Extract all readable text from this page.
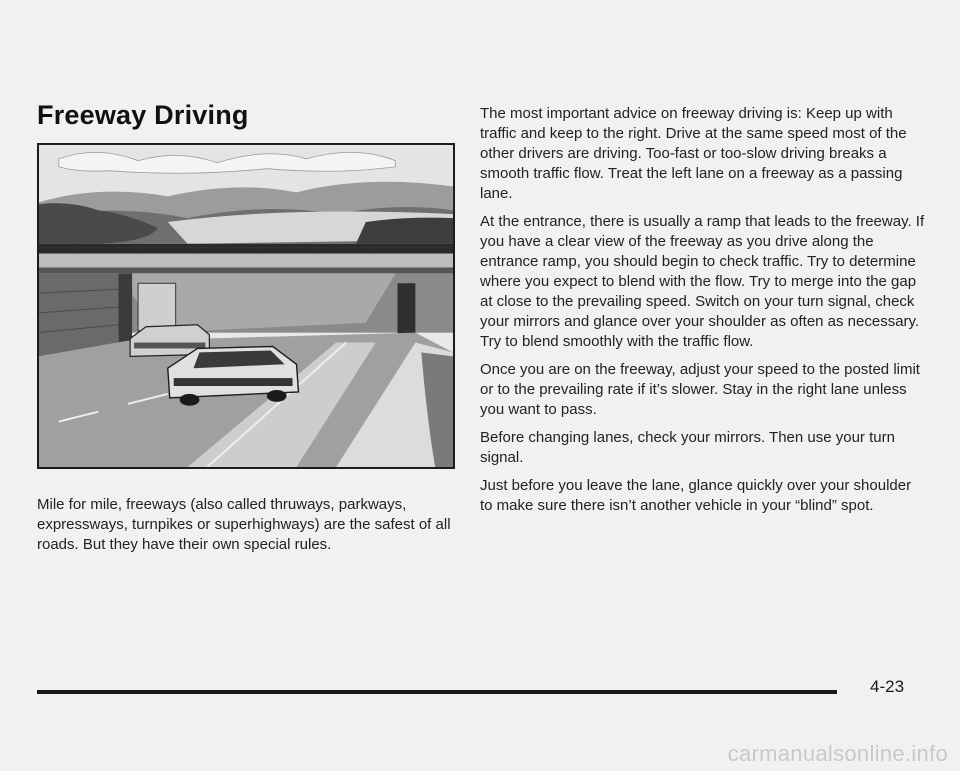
Freeway Driving

Mile for mile, freeways (also called thruways, parkways, expressways, turnpikes or superhighways) are the safest of all roads. But they have their own special rules.

The most important advice on freeway driving is: Keep up with traffic and keep to the right. Drive at the same speed most of the other drivers are driving. Too-fast or too-slow driving breaks a smooth traffic flow. Treat the left lane on a freeway as a passing lane.

At the entrance, there is usually a ramp that leads to the freeway. If you have a clear view of the freeway as you drive along the entrance ramp, you should begin to check traffic. Try to determine where you expect to blend with the flow. Try to merge into the gap at close to the prevailing speed. Switch on your turn signal, check your mirrors and glance over your shoulder as often as necessary. Try to blend smoothly with the traffic flow.

Once you are on the freeway, adjust your speed to the posted limit or to the prevailing rate if it’s slower. Stay in the right lane unless you want to pass.

Before changing lanes, check your mirrors. Then use your turn signal.

Just before you leave the lane, glance quickly over your shoulder to make sure there isn’t another vehicle in your “blind” spot.

4-23
carmanualsonline.info
